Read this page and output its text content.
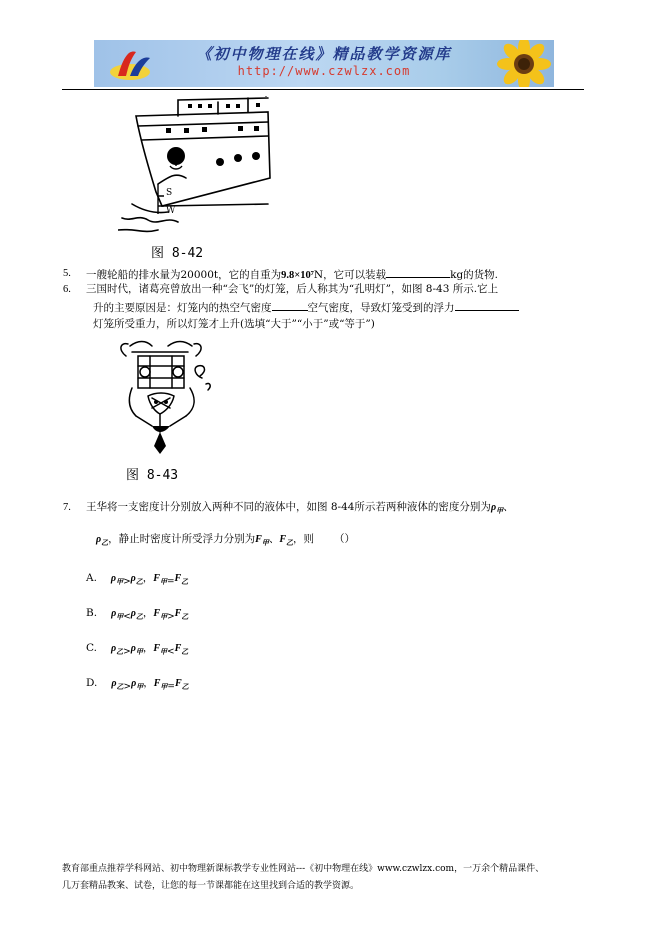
《初中物理在线》精品教学资源库
http://www.czwlzx.com
S
W
图 8-42
5. 一艘轮船的排水量为20000t，它的自重为9.8×10⁷N，它可以装载	kg的货物.
6. 三国时代，诸葛亮曾放出一种“会飞”的灯笼，后人称其为“孔明灯”，如图 8-43 所示.它上
升的主要原因是：灯笼内的热空气密度	空气密度，导致灯笼受到的浮力
灯笼所受重力，所以灯笼才上升(选填“大于”“小于”或“等于”)
图 8-43
7. 王华将一支密度计分别放入两种不同的液体中，如图 8-44所示若两种液体的密度分别为$\rho_甲$、
$\rho_乙$，静止时密度计所受浮力分别为$F_甲$、$F_乙$，则 （）
A. $\rho_甲>\rho_乙$，$F_甲=F_乙$
B. $\rho_甲<\rho_乙$，$F_甲>F_乙$
C. $\rho_乙>\rho_甲$，$F_甲<F_乙$
D. $\rho_乙>\rho_甲$，$F_甲=F_乙$
教育部重点推荐学科网站、初中物理新课标教学专业性网站---《初中物理在线》www.czwlzx.com，一万余个精品课件、
几万套精品教案、试卷，让您的每一节课都能在这里找到合适的教学资源。
